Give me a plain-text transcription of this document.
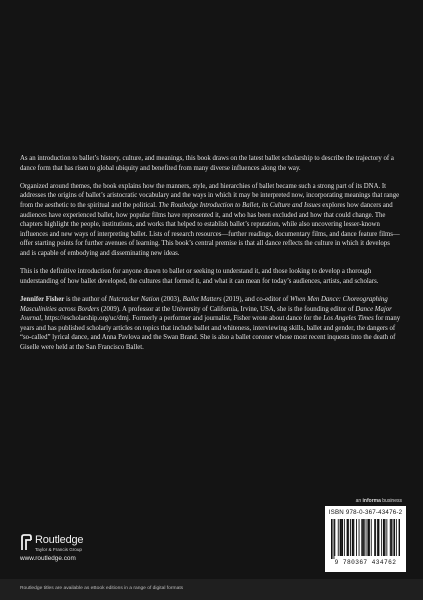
As an introduction to ballet’s history, culture, and meanings, this book draws on the latest ballet scholarship to describe the trajectory of a dance form that has risen to global ubiquity and benefited from many diverse influences along the way.

Organized around themes, the book explains how the manners, style, and hierarchies of ballet became such a strong part of its DNA. It addresses the origins of ballet’s aristocratic vocabulary and the ways in which it may be interpreted now, incorporating meanings that range from the aesthetic to the spiritual and the political. The Routledge Introduction to Ballet, its Culture and Issues explores how dancers and audiences have experienced ballet, how popular films have represented it, and who has been excluded and how that could change. The chapters highlight the people, institutions, and works that helped to establish ballet’s reputation, while also uncovering lesser-known influences and new ways of interpreting ballet. Lists of research resources—further readings, documentary films, and dance feature films—offer starting points for further avenues of learning. This book’s central premise is that all dance reflects the culture in which it develops and is capable of embodying and disseminating new ideas.

This is the definitive introduction for anyone drawn to ballet or seeking to understand it, and those looking to develop a thorough understanding of how ballet developed, the cultures that formed it, and what it can mean for today’s audiences, artists, and scholars.

Jennifer Fisher is the author of Nutcracker Nation (2003), Ballet Matters (2019), and co-editor of When Men Dance: Choreographing Masculinities across Borders (2009). A professor at the University of California, Irvine, USA, she is the founding editor of Dance Major Journal, https://escholarship.org/uc/dmj. Formerly a performer and journalist, Fisher wrote about dance for the Los Angeles Times for many years and has published scholarly articles on topics that include ballet and whiteness, interviewing skills, ballet and gender, the dangers of “so-called” lyrical dance, and Anna Pavlova and the Swan Brand. She is also a ballet coroner whose most recent inquests into the death of Giselle were held at the San Francisco Ballet.

an informa business
ISBN 978-0-367-43476-2
9 780367 434762
Routledge
Taylor & Francis Group
www.routledge.com
Routledge titles are available as eBook editions in a range of digital formats
